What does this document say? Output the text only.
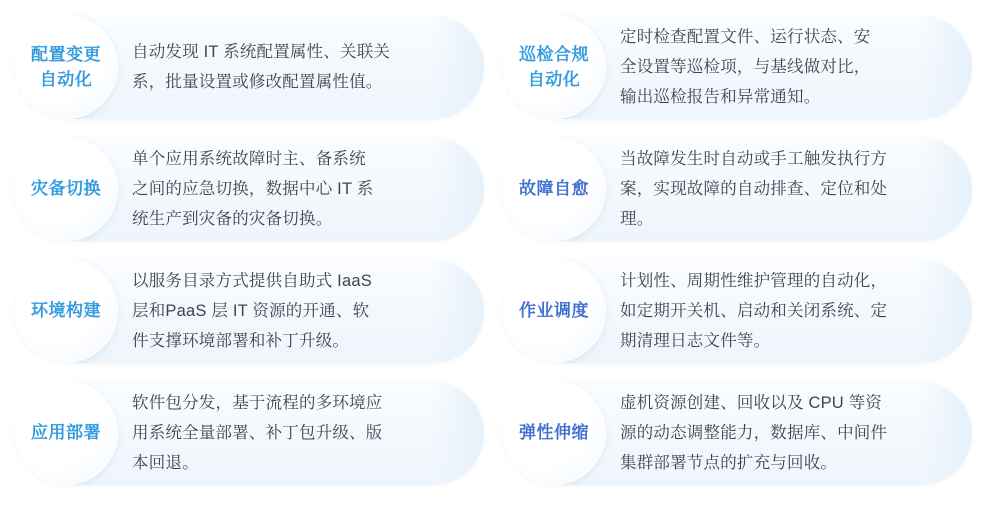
配置变更
自动化
自动发现 IT 系统配置属性、关联关
系，批量设置或修改配置属性值。
巡检合规
自动化
定时检查配置文件、运行状态、安
全设置等巡检项，与基线做对比，
输出巡检报告和异常通知。
灾备切换
单个应用系统故障时主、备系统
之间的应急切换，数据中心 IT 系
统生产到灾备的灾备切换。
故障自愈
当故障发生时自动或手工触发执行方
案，实现故障的自动排查、定位和处
理。
环境构建
以服务目录方式提供自助式 IaaS
层和PaaS 层 IT 资源的开通、软
件支撑环境部署和补丁升级。
作业调度
计划性、周期性维护管理的自动化，
如定期开关机、启动和关闭系统、定
期清理日志文件等。
应用部署
软件包分发，基于流程的多环境应
用系统全量部署、补丁包升级、版
本回退。
弹性伸缩
虚机资源创建、回收以及 CPU 等资
源的动态调整能力，数据库、中间件
集群部署节点的扩充与回收。
